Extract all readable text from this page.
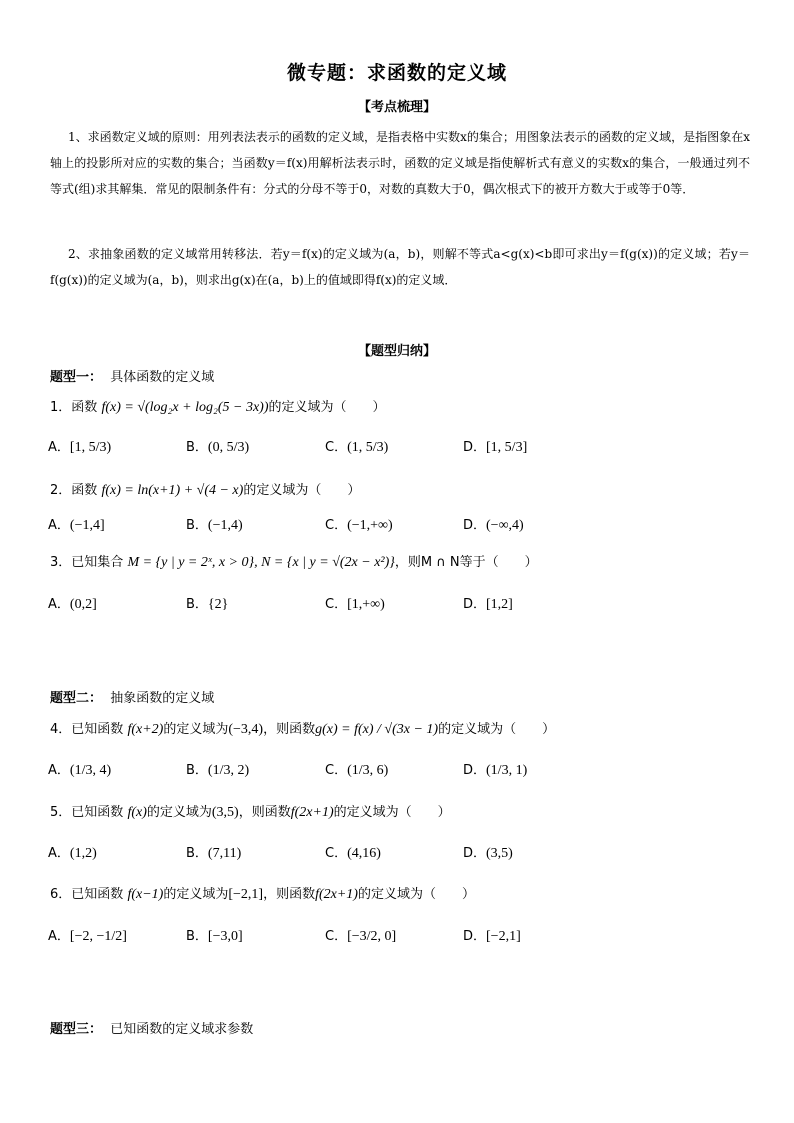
微专题：求函数的定义域
【考点梳理】
1、求函数定义域的原则：用列表法表示的函数的定义域，是指表格中实数x的集合；用图象法表示的函数的定义域，是指图象在x轴上的投影所对应的实数的集合；当函数y＝f(x)用解析法表示时，函数的定义域是指使解析式有意义的实数x的集合，一般通过列不等式(组)求其解集．常见的限制条件有：分式的分母不等于0，对数的真数大于0，偶次根式下的被开方数大于或等于0等．
2、求抽象函数的定义域常用转移法．若y＝f(x)的定义域为(a，b)，则解不等式a<g(x)<b即可求出y＝f(g(x))的定义域；若y＝f(g(x))的定义域为(a，b)，则求出g(x)在(a，b)上的值域即得f(x)的定义域．
【题型归纳】
题型一： 具体函数的定义域
1．函数 f(x) = √(log₂x + log₂(5 − 3x))的定义域为（　　）
A．[1, 5/3)	B．(0, 5/3)	C．(1, 5/3)	D．[1, 5/3]
2．函数 f(x) = ln(x+1) + √(4 − x)的定义域为（　　）
A．(−1,4]	B．(−1,4)	C．(−1,+∞)	D．(−∞,4)
3．已知集合 M = {y | y = 2ˣ, x > 0}, N = {x | y = √(2x − x²)}，则M ∩ N等于（　　）
A．(0,2]	B．{2}	C．[1,+∞)	D．[1,2]
题型二： 抽象函数的定义域
4．已知函数 f(x+2)的定义域为(−3,4)，则函数g(x) = f(x) / √(3x − 1)的定义域为（　　）
A．(1/3, 4)	B．(1/3, 2)	C．(1/3, 6)	D．(1/3, 1)
5．已知函数 f(x)的定义域为(3,5)，则函数f(2x+1)的定义域为（　　）
A．(1,2)	B．(7,11)	C．(4,16)	D．(3,5)
6．已知函数 f(x−1)的定义域为[−2,1]，则函数f(2x+1)的定义域为（　　）
A．[−2, −1/2]	B．[−3,0]	C．[−3/2, 0]	D．[−2,1]
题型三： 已知函数的定义域求参数
